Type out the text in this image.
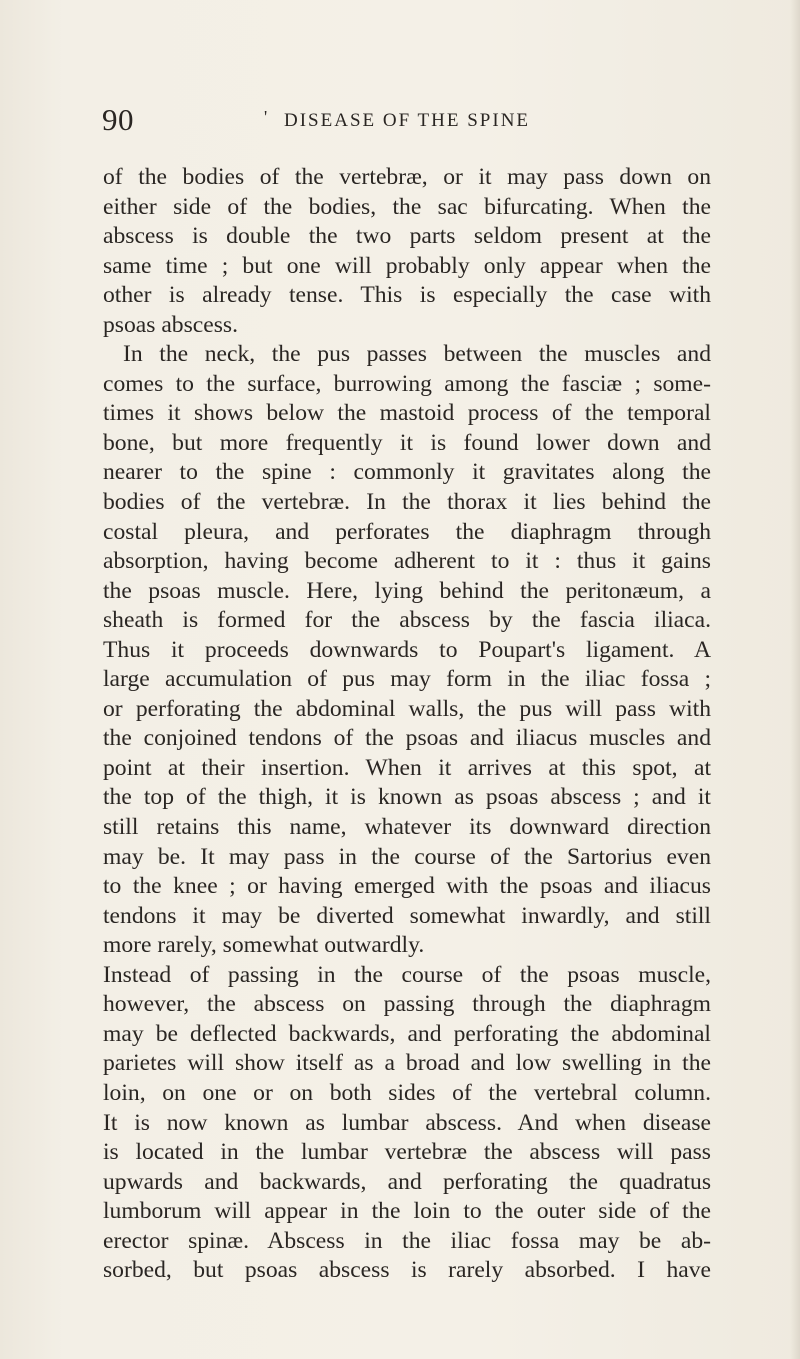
90
'	DISEASE OF THE SPINE
of the bodies of the vertebræ, or it may pass down on
either side of the bodies, the sac bifurcating. When the
abscess is double the two parts seldom present at the
same time ; but one will probably only appear when the
other is already tense. This is especially the case with
psoas abscess.
In the neck, the pus passes between the muscles and
comes to the surface, burrowing among the fasciæ ; some-
times it shows below the mastoid process of the temporal
bone, but more frequently it is found lower down and
nearer to the spine : commonly it gravitates along the
bodies of the vertebræ. In the thorax it lies behind the
costal pleura, and perforates the diaphragm through
absorption, having become adherent to it : thus it gains
the psoas muscle. Here, lying behind the peritonæum, a
sheath is formed for the abscess by the fascia iliaca.
Thus it proceeds downwards to Poupart's ligament. A
large accumulation of pus may form in the iliac fossa ;
or perforating the abdominal walls, the pus will pass with
the conjoined tendons of the psoas and iliacus muscles and
point at their insertion. When it arrives at this spot, at
the top of the thigh, it is known as psoas abscess ; and it
still retains this name, whatever its downward direction
may be. It may pass in the course of the Sartorius even
to the knee ; or having emerged with the psoas and iliacus
tendons it may be diverted somewhat inwardly, and still
more rarely, somewhat outwardly.
Instead of passing in the course of the psoas muscle,
however, the abscess on passing through the diaphragm
may be deflected backwards, and perforating the abdominal
parietes will show itself as a broad and low swelling in the
loin, on one or on both sides of the vertebral column.
It is now known as lumbar abscess. And when disease
is located in the lumbar vertebræ the abscess will pass
upwards and backwards, and perforating the quadratus
lumborum will appear in the loin to the outer side of the
erector spinæ. Abscess in the iliac fossa may be ab-
sorbed, but psoas abscess is rarely absorbed. I have
